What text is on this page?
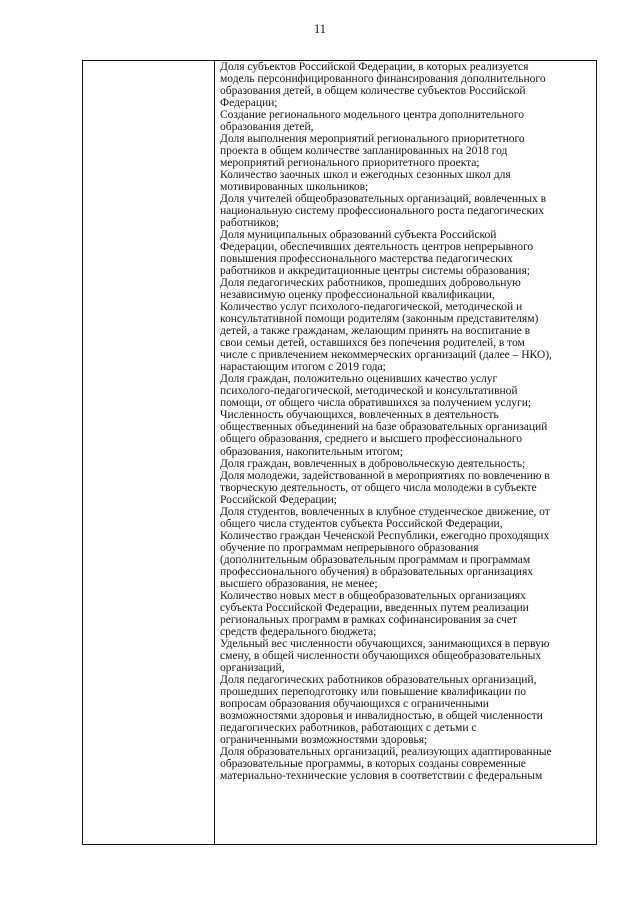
11
Доля субъектов Российской Федерации, в которых реализуется
модель персонифицированного финансирования дополнительного
образования детей, в общем количестве субъектов Российской
Федерации;
Создание регионального модельного центра дополнительного
образования детей,
Доля выполнения мероприятий регионального приоритетного
проекта в общем количестве запланированных на 2018 год
мероприятий регионального приоритетного проекта;
Количество заочных школ и ежегодных сезонных школ для
мотивированных школьников;
Доля учителей общеобразовательных организаций, вовлеченных в
национальную систему профессионального роста педагогических
работников;
Доля муниципальных образований субъекта Российской
Федерации, обеспечивших деятельность центров непрерывного
повышения профессионального мастерства педагогических
работников и аккредитационные центры системы образования;
Доля педагогических работников, прошедших добровольную
независимую оценку профессиональной квалификации,
Количество услуг психолого-педагогической, методической и
консультативной помощи родителям (законным представителям)
детей, а также гражданам, желающим принять на воспитание в
свои семьи детей, оставшихся без попечения родителей, в том
числе с привлечением некоммерческих организаций (далее – НКО),
нарастающим итогом с 2019 года;
Доля граждан, положительно оценивших качество услуг
психолого-педагогической, методической и консультативной
помощи, от общего числа обратившихся за получением услуги;
Численность обучающихся, вовлеченных в деятельность
общественных объединений на базе образовательных организаций
общего образования, среднего и высшего профессионального
образования, накопительным итогом;
Доля граждан, вовлеченных в добровольческую деятельность;
Доля молодежи, задействованной в мероприятиях по вовлечению в
творческую деятельность, от общего числа молодежи в субъекте
Российской Федерации;
Доля студентов, вовлеченных в клубное студенческое движение, от
общего числа студентов субъекта Российской Федерации,
Количество граждан Чеченской Республики, ежегодно проходящих
обучение по программам непрерывного образования
(дополнительным образовательным программам и программам
профессионального обучения) в образовательных организациях
высшего образования, не менее;
Количество новых мест в общеобразовательных организациях
субъекта Российской Федерации, введенных путем реализации
региональных программ в рамках софинансирования за счет
средств федерального бюджета;
Удельный вес численности обучающихся, занимающихся в первую
смену, в общей численности обучающихся общеобразовательных
организаций,
Доля педагогических работников образовательных организаций,
прошедших переподготовку или повышение квалификации по
вопросам образования обучающихся с ограниченными
возможностями здоровья и инвалидностью, в общей численности
педагогических работников, работающих с детьми с
ограниченными возможностями здоровья;
Доля образовательных организаций, реализующих адаптированные
образовательные программы, в которых созданы современные
материально-технические условия в соответствии с федеральным
